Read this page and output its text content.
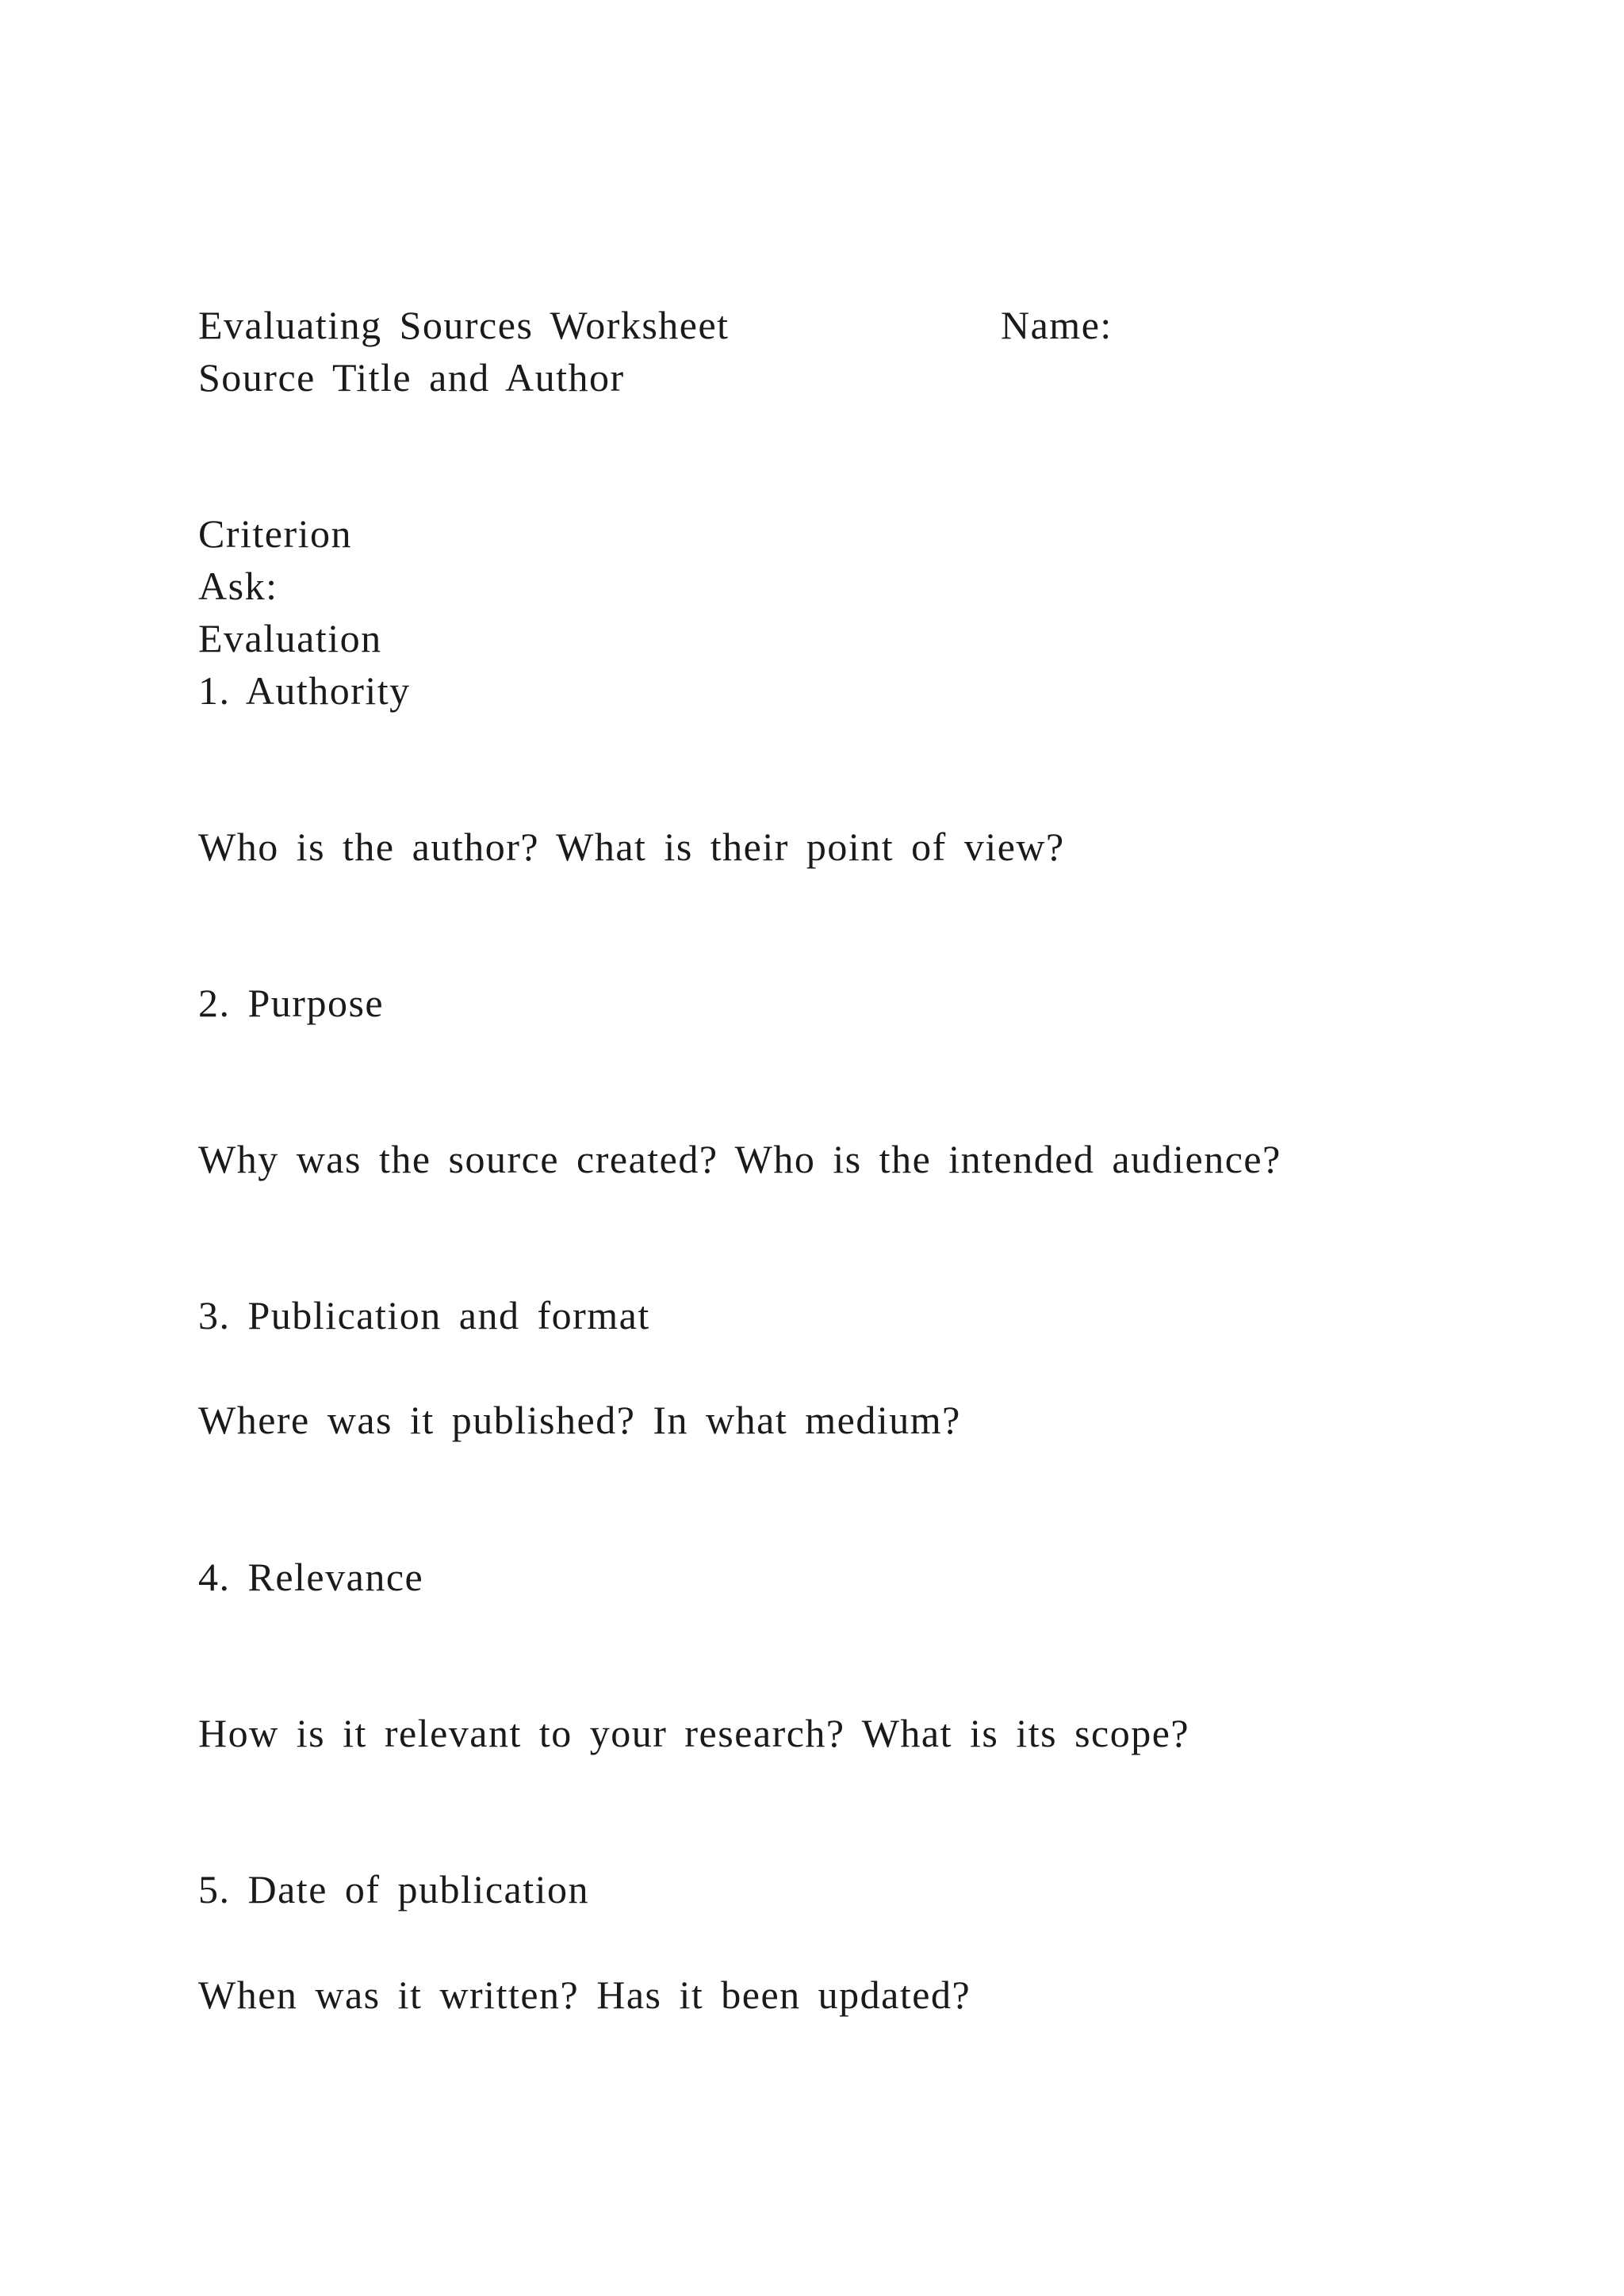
Evaluating Sources Worksheet	Name:
Source Title and Author
Criterion
Ask:
Evaluation
1. Authority
Who is the author? What is their point of view?
2. Purpose
Why was the source created? Who is the intended audience?
3. Publication and format
Where was it published? In what medium?
4. Relevance
How is it relevant to your research? What is its scope?
5. Date of publication
When was it written? Has it been updated?
